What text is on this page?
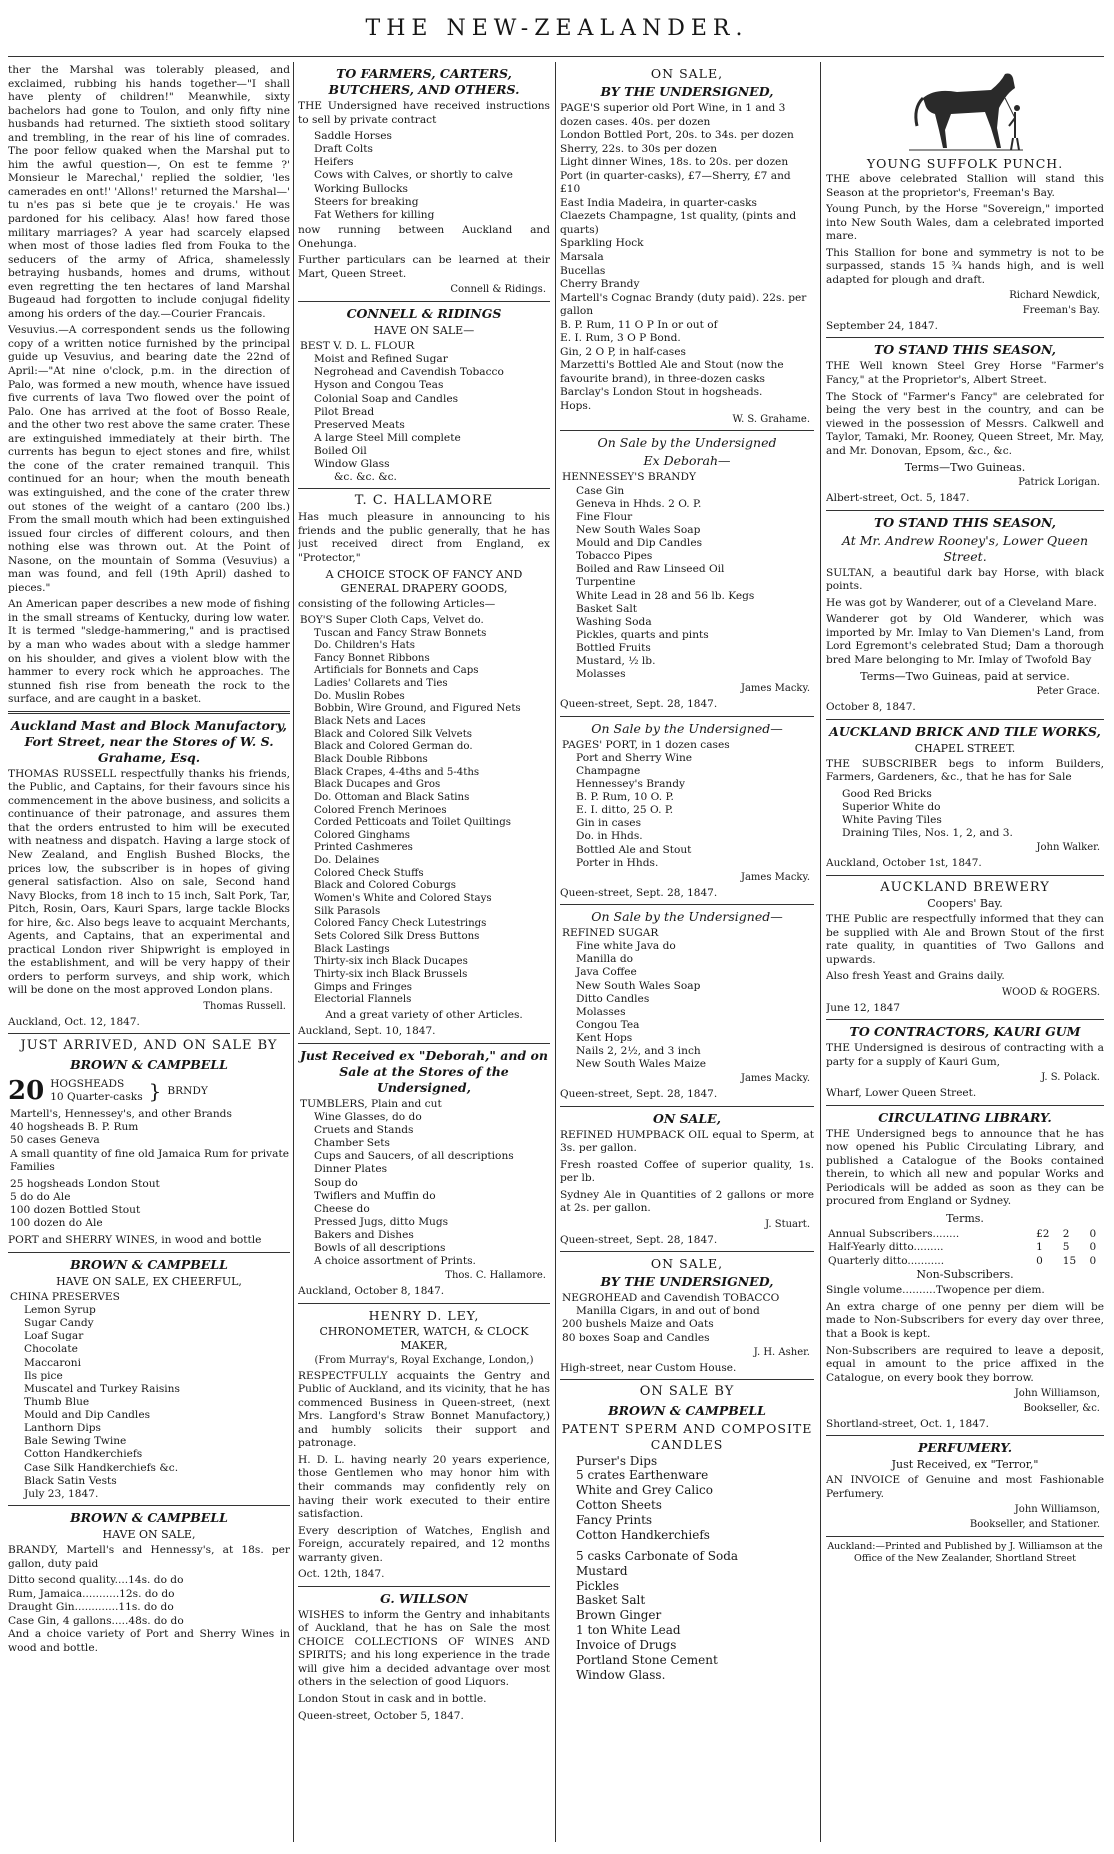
THE NEW-ZEALANDER.

ther the Marshal was tolerably pleased, and exclaimed, rubbing his hands together—"I shall have plenty of children!" Meanwhile, sixty bachelors had gone to Toulon, and only fifty nine husbands had returned. The sixtieth stood solitary and trembling, in the rear of his line of comrades. The poor fellow quaked when the Marshal put to him the awful question—, On est te femme ?' Monsieur le Marechal,' replied the soldier, 'les camerades en ont!' 'Allons!' returned the Marshal—' tu n'es pas si bete que je te croyais.' He was pardoned for his celibacy. Alas! how fared those military marriages? A year had scarcely elapsed when most of those ladies fled from Fouka to the seducers of the army of Africa, shamelessly betraying husbands, homes and drums, without even regretting the ten hectares of land Marshal Bugeaud had forgotten to include conjugal fidelity among his orders of the day.—Courier Francais.

Vesuvius.—A correspondent sends us the following copy of a written notice furnished by the principal guide up Vesuvius, and bearing date the 22nd of April:—"At nine o'clock, p.m. in the direction of Palo, was formed a new mouth, whence have issued five currents of lava Two flowed over the point of Palo. One has arrived at the foot of Bosso Reale, and the other two rest above the same crater. These are extinguished immediately at their birth. The currents has begun to eject stones and fire, whilst the cone of the crater remained tranquil. This continued for an hour; when the mouth beneath was extinguished, and the cone of the crater threw out stones of the weight of a cantaro (200 lbs.) From the small mouth which had been extinguished issued four circles of different colours, and then nothing else was thrown out. At the Point of Nasone, on the mountain of Somma (Vesuvius) a man was found, and fell (19th April) dashed to pieces."

An American paper describes a new mode of fishing in the small streams of Kentucky, during low water. It is termed "sledge-hammering," and is practised by a man who wades about with a sledge hammer on his shoulder, and gives a violent blow with the hammer to every rock which he approaches. The stunned fish rise from beneath the rock to the surface, and are caught in a basket.

Auckland Mast and Block Manufactory, Fort Street, near the Stores of W. S. Grahame, Esq.

THOMAS RUSSELL respectfully thanks his friends, the Public, and Captains, for their favours since his commencement in the above business, and solicits a continuance of their patronage, and assures them that the orders entrusted to him will be executed with neatness and dispatch. Having a large stock of New Zealand, and English Bushed Blocks, the prices low, the subscriber is in hopes of giving general satisfaction. Also on sale, Second hand Navy Blocks, from 18 inch to 15 inch, Salt Pork, Tar, Pitch, Rosin, Oars, Kauri Spars, large tackle Blocks for hire, &c. Also begs leave to acquaint Merchants, Agents, and Captains, that an experimental and practical London river Shipwright is employed in the establishment, and will be very happy of their orders to perform surveys, and ship work, which will be done on the most approved London plans.

Thomas Russell.
Auckland, Oct. 12, 1847.
JUST ARRIVED, AND ON SALE BY
BROWN & CAMPBELL
20 HOGSHEADS
10 Quarter-casks } BRNDY
Martell's, Hennessey's, and other Brands
40 hogsheads B. P. Rum
50 cases Geneva
A small quantity of fine old Jamaica Rum for private Families
25 hogsheads London Stout
5 do do Ale
100 dozen Bottled Stout
100 dozen do Ale

PORT and SHERRY WINES, in wood and bottle

BROWN & CAMPBELL
HAVE ON SALE, EX CHEERFUL,
CHINA PRESERVES
Lemon Syrup
Sugar Candy
Loaf Sugar
Chocolate
Maccaroni
Ils pice
Muscatel and Turkey Raisins
Thumb Blue
Mould and Dip Candles
Lanthorn Dips
Bale Sewing Twine
Cotton Handkerchiefs
Case Silk Handkerchiefs &c.
Black Satin Vests
July 23, 1847.
BROWN & CAMPBELL
HAVE ON SALE,

BRANDY, Martell's and Hennessy's, at 18s. per gallon, duty paid

Ditto second quality....14s. do do
Rum, Jamaica...........12s. do do
Draught Gin.............11s. do do
Case Gin, 4 gallons.....48s. do do

And a choice variety of Port and Sherry Wines in wood and bottle.

TO FARMERS, CARTERS, BUTCHERS, AND OTHERS.

THE Undersigned have received instructions to sell by private contract

Saddle Horses
Draft Colts
Heifers
Cows with Calves, or shortly to calve
Working Bullocks
Steers for breaking
Fat Wethers for killing

now running between Auckland and Onehunga.

Further particulars can be learned at their Mart, Queen Street.

Connell & Ridings.
CONNELL & RIDINGS
HAVE ON SALE—
BEST V. D. L. FLOUR
Moist and Refined Sugar
Negrohead and Cavendish Tobacco
Hyson and Congou Teas
Colonial Soap and Candles
Pilot Bread
Preserved Meats
A large Steel Mill complete
Boiled Oil
Window Glass
&c. &c. &c.
T. C. HALLAMORE

Has much pleasure in announcing to his friends and the public generally, that he has just received direct from England, ex "Protector,"

A CHOICE STOCK OF FANCY AND GENERAL DRAPERY GOODS,

consisting of the following Articles—

BOY'S Super Cloth Caps, Velvet do.
Tuscan and Fancy Straw Bonnets
Do. Children's Hats
Fancy Bonnet Ribbons
Artificials for Bonnets and Caps
Ladies' Collarets and Ties
Do. Muslin Robes
Bobbin, Wire Ground, and Figured Nets
Black Nets and Laces
Black and Colored Silk Velvets
Black and Colored German do.
Black Double Ribbons
Black Crapes, 4-4ths and 5-4ths
Black Ducapes and Gros
Do. Ottoman and Black Satins
Colored French Merinoes
Corded Petticoats and Toilet Quiltings
Colored Ginghams
Printed Cashmeres
Do. Delaines
Colored Check Stuffs
Black and Colored Coburgs
Women's White and Colored Stays
Silk Parasols
Colored Fancy Check Lutestrings
Sets Colored Silk Dress Buttons
Black Lastings
Thirty-six inch Black Ducapes
Thirty-six inch Black Brussels
Gimps and Fringes
Electorial Flannels

And a great variety of other Articles.

Auckland, Sept. 10, 1847.
Just Received ex "Deborah," and on Sale at the Stores of the Undersigned,
TUMBLERS, Plain and cut
Wine Glasses, do do
Cruets and Stands
Chamber Sets
Cups and Saucers, of all descriptions
Dinner Plates
Soup do
Twiflers and Muffin do
Cheese do
Pressed Jugs, ditto Mugs
Bakers and Dishes
Bowls of all descriptions
A choice assortment of Prints.
Thos. C. Hallamore.
Auckland, October 8, 1847.
HENRY D. LEY,
CHRONOMETER, WATCH, & CLOCK MAKER,
(From Murray's, Royal Exchange, London,)

RESPECTFULLY acquaints the Gentry and Public of Auckland, and its vicinity, that he has commenced Business in Queen-street, (next Mrs. Langford's Straw Bonnet Manufactory,) and humbly solicits their support and patronage.

H. D. L. having nearly 20 years experience, those Gentlemen who may honor him with their commands may confidently rely on having their work executed to their entire satisfaction.

Every description of Watches, English and Foreign, accurately repaired, and 12 months warranty given.

Oct. 12th, 1847.
G. WILLSON

WISHES to inform the Gentry and inhabitants of Auckland, that he has on Sale the most CHOICE COLLECTIONS OF WINES AND SPIRITS; and his long experience in the trade will give him a decided advantage over most others in the selection of good Liquors.

London Stout in cask and in bottle.

Queen-street, October 5, 1847.
ON SALE,
BY THE UNDERSIGNED,
PAGE'S superior old Port Wine, in 1 and 3 dozen cases. 40s. per dozen
London Bottled Port, 20s. to 34s. per dozen
Sherry, 22s. to 30s per dozen
Light dinner Wines, 18s. to 20s. per dozen
Port (in quarter-casks), £7—Sherry, £7 and £10
East India Madeira, in quarter-casks
Claezets Champagne, 1st quality, (pints and quarts)
Sparkling Hock
Marsala
Bucellas
Cherry Brandy
Martell's Cognac Brandy (duty paid). 22s. per gallon
B. P. Rum, 11 O P In or out of
E. I. Rum, 3 O P Bond.
Gin, 2 O P, in half-cases
Marzetti's Bottled Ale and Stout (now the favourite brand), in three-dozen casks
Barclay's London Stout in hogsheads.
Hops.
W. S. Grahame.
On Sale by the Undersigned
Ex Deborah—
HENNESSEY'S BRANDY
Case Gin
Geneva in Hhds. 2 O. P.
Fine Flour
New South Wales Soap
Mould and Dip Candles
Tobacco Pipes
Boiled and Raw Linseed Oil
Turpentine
White Lead in 28 and 56 lb. Kegs
Basket Salt
Washing Soda
Pickles, quarts and pints
Bottled Fruits
Mustard, ½ lb.
Molasses
James Macky.
Queen-street, Sept. 28, 1847.
On Sale by the Undersigned—
PAGES' PORT, in 1 dozen cases
Port and Sherry Wine
Champagne
Hennessey's Brandy
B. P. Rum, 10 O. P.
E. I. ditto, 25 O. P.
Gin in cases
Do. in Hhds.
Bottled Ale and Stout
Porter in Hhds.
James Macky.
Queen-street, Sept. 28, 1847.
On Sale by the Undersigned—
REFINED SUGAR
Fine white Java do
Manilla do
Java Coffee
New South Wales Soap
Ditto Candles
Molasses
Congou Tea
Kent Hops
Nails 2, 2½, and 3 inch
New South Wales Maize
James Macky.
Queen-street, Sept. 28, 1847.
ON SALE,

REFINED HUMPBACK OIL equal to Sperm, at 3s. per gallon.

Fresh roasted Coffee of superior quality, 1s. per lb.

Sydney Ale in Quantities of 2 gallons or more at 2s. per gallon.

J. Stuart.
Queen-street, Sept. 28, 1847.
ON SALE,
BY THE UNDERSIGNED,
NEGROHEAD and Cavendish TOBACCO
Manilla Cigars, in and out of bond
200 bushels Maize and Oats
80 boxes Soap and Candles
J. H. Asher.
High-street, near Custom House.
ON SALE BY
BROWN & CAMPBELL
PATENT SPERM AND COMPOSITE CANDLES
Purser's Dips
5 crates Earthenware
White and Grey Calico
Cotton Sheets
Fancy Prints
Cotton Handkerchiefs
5 casks Carbonate of Soda
Mustard
Pickles
Basket Salt
Brown Ginger
1 ton White Lead
Invoice of Drugs
Portland Stone Cement
Window Glass.
YOUNG SUFFOLK PUNCH.

THE above celebrated Stallion will stand this Season at the proprietor's, Freeman's Bay.

Young Punch, by the Horse "Sovereign," imported into New South Wales, dam a celebrated imported mare.

This Stallion for bone and symmetry is not to be surpassed, stands 15 ¾ hands high, and is well adapted for plough and draft.

Richard Newdick,
Freeman's Bay.
September 24, 1847.
TO STAND THIS SEASON,

THE Well known Steel Grey Horse "Farmer's Fancy," at the Proprietor's, Albert Street.

The Stock of "Farmer's Fancy" are celebrated for being the very best in the country, and can be viewed in the possession of Messrs. Calkwell and Taylor, Tamaki, Mr. Rooney, Queen Street, Mr. May, and Mr. Donovan, Epsom, &c., &c.

Terms—Two Guineas.
Patrick Lorigan.
Albert-street, Oct. 5, 1847.
TO STAND THIS SEASON,
At Mr. Andrew Rooney's, Lower Queen Street.

SULTAN, a beautiful dark bay Horse, with black points.

He was got by Wanderer, out of a Cleveland Mare.

Wanderer got by Old Wanderer, which was imported by Mr. Imlay to Van Diemen's Land, from Lord Egremont's celebrated Stud; Dam a thorough bred Mare belonging to Mr. Imlay of Twofold Bay

Terms—Two Guineas, paid at service.
Peter Grace.
October 8, 1847.
AUCKLAND BRICK AND TILE WORKS,
CHAPEL STREET.

THE SUBSCRIBER begs to inform Builders, Farmers, Gardeners, &c., that he has for Sale

Good Red Bricks
Superior White do
White Paving Tiles
Draining Tiles, Nos. 1, 2, and 3.
John Walker.
Auckland, October 1st, 1847.
AUCKLAND BREWERY
Coopers' Bay.

THE Public are respectfully informed that they can be supplied with Ale and Brown Stout of the first rate quality, in quantities of Two Gallons and upwards.

Also fresh Yeast and Grains daily.

WOOD & ROGERS.
June 12, 1847
TO CONTRACTORS, KAURI GUM

THE Undersigned is desirous of contracting with a party for a supply of Kauri Gum,

J. S. Polack.
Wharf, Lower Queen Street.
CIRCULATING LIBRARY.

THE Undersigned begs to announce that he has now opened his Public Circulating Library, and published a Catalogue of the Books contained therein, to which all new and popular Works and Periodicals will be added as soon as they can be procured from England or Sydney.

Terms.
Annual Subscribers........	£2	2	0
Half-Yearly ditto.........	1	5	0
Quarterly ditto...........	0	15	0
Non-Subscribers.

Single volume..........Twopence per diem.

An extra charge of one penny per diem will be made to Non-Subscribers for every day over three, that a Book is kept.

Non-Subscribers are required to leave a deposit, equal in amount to the price affixed in the Catalogue, on every book they borrow.

John Williamson,
Bookseller, &c.
Shortland-street, Oct. 1, 1847.
PERFUMERY.
Just Received, ex "Terror,"

AN INVOICE of Genuine and most Fashionable Perfumery.

John Williamson,
Bookseller, and Stationer.
Auckland:—Printed and Published by J. Williamson at the Office of the New Zealander, Shortland Street
